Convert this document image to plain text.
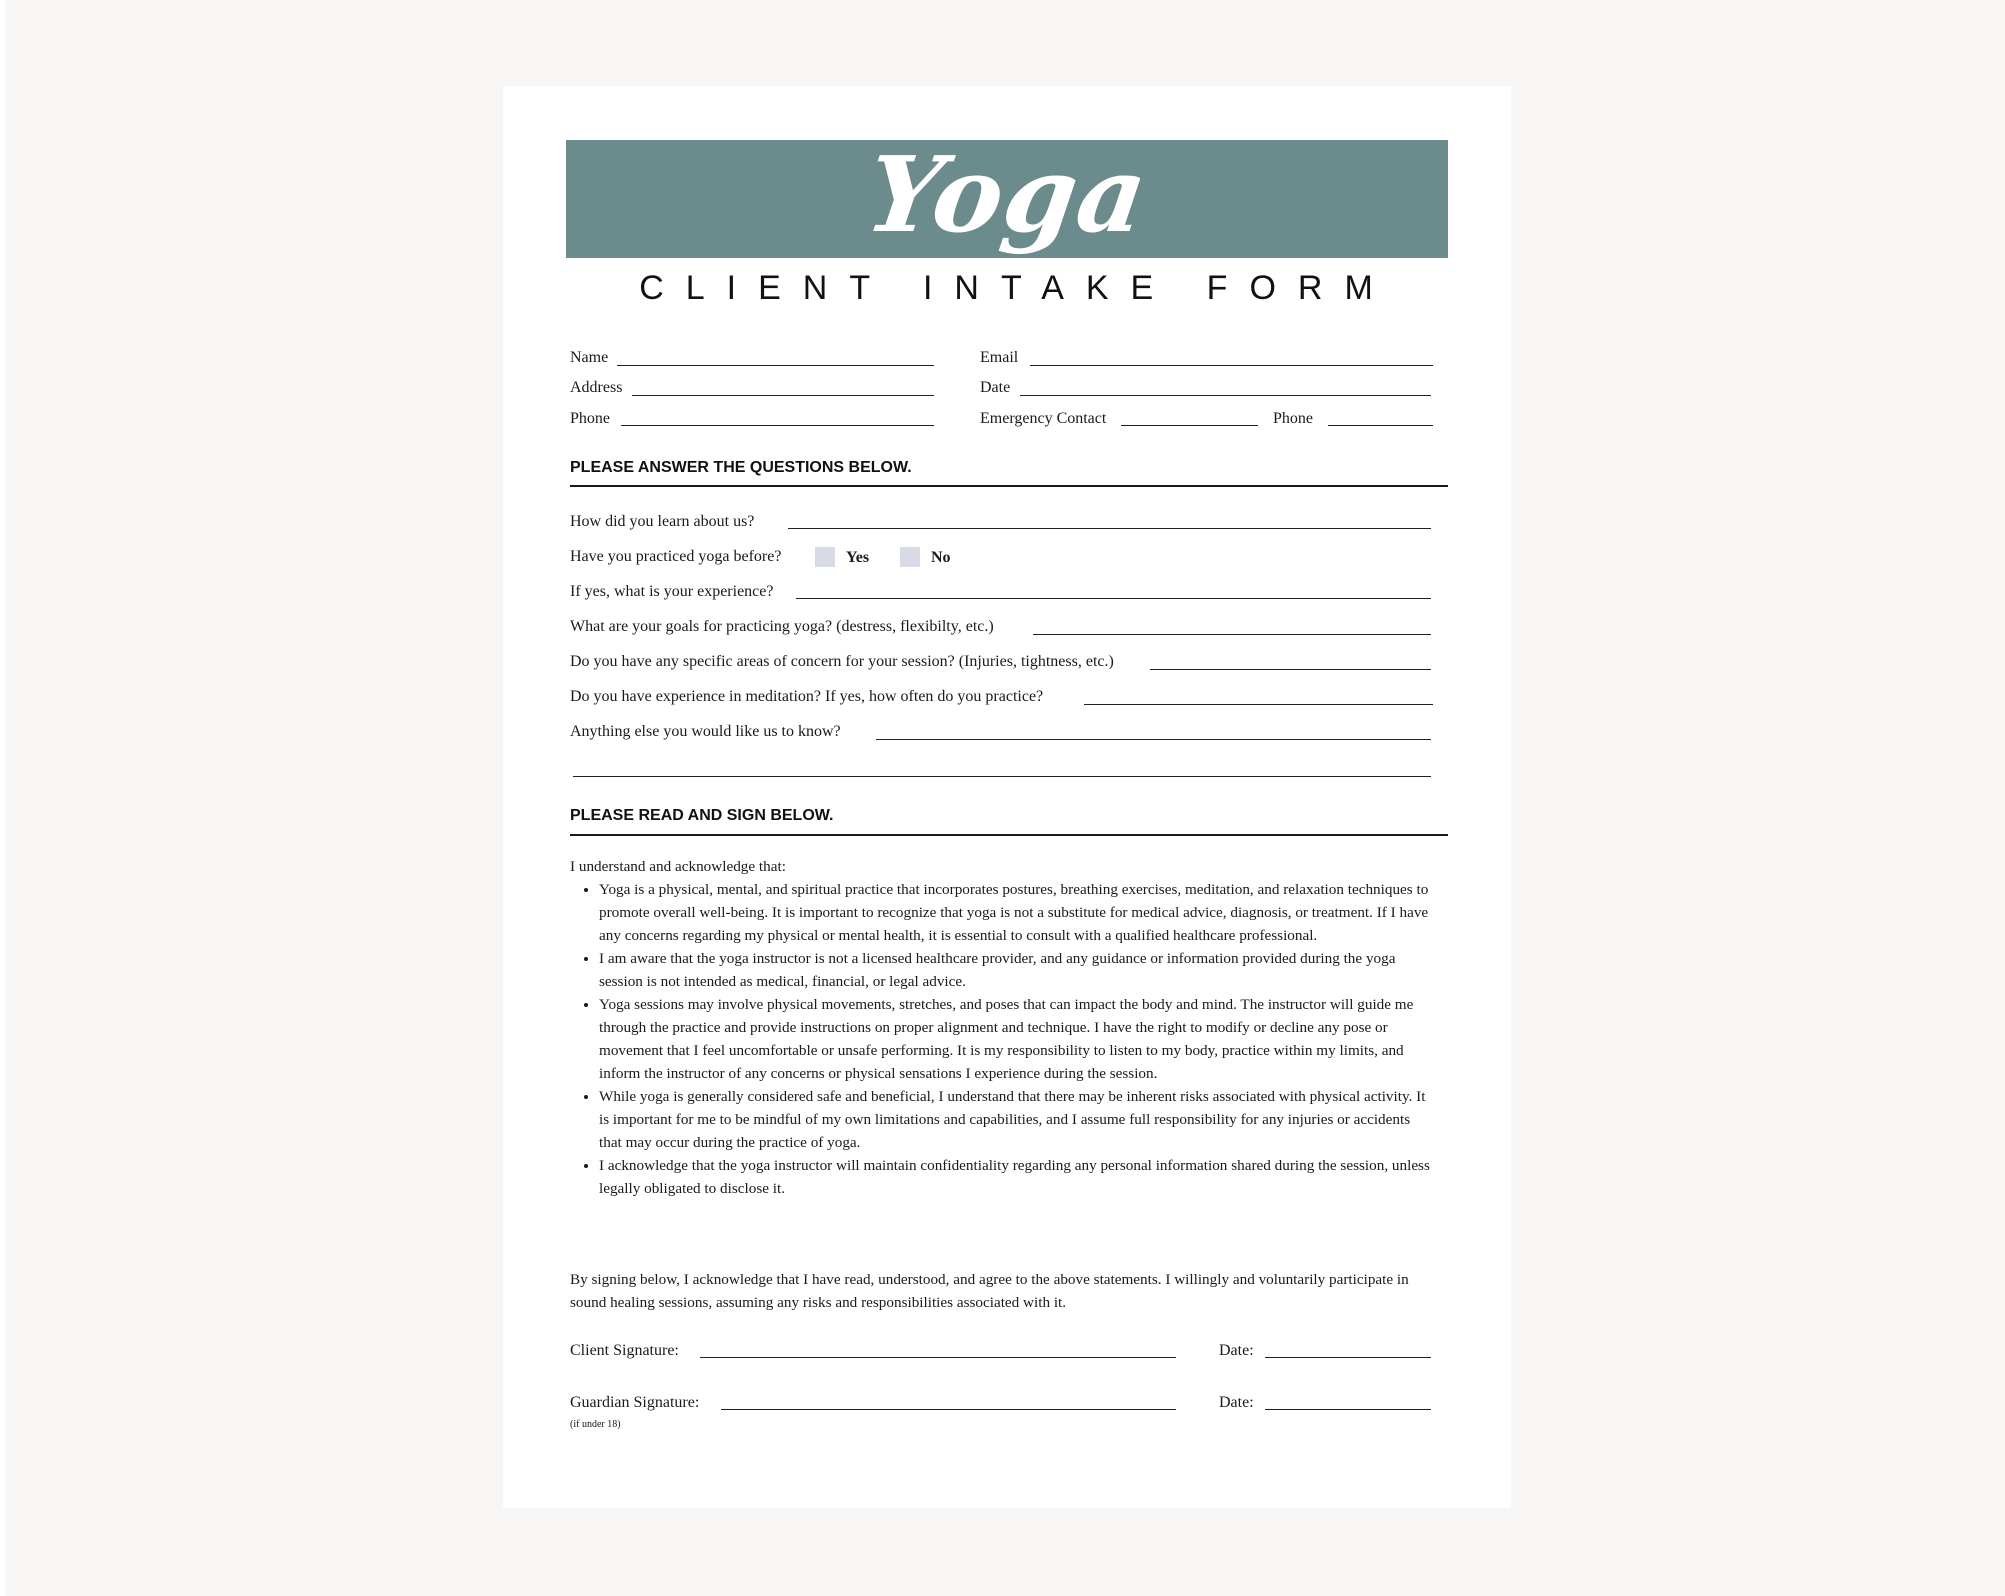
Yoga
CLIENT INTAKE FORM
Name	Email
Address	Date
Phone	Emergency Contact	Phone
PLEASE ANSWER THE QUESTIONS BELOW.
How did you learn about us?
Have you practiced yoga before?	Yes	No
If yes, what is your experience?
What are your goals for practicing yoga? (destress, flexibilty, etc.)
Do you have any specific areas of concern for your session? (Injuries, tightness, etc.)
Do you have experience in meditation? If yes, how often do you practice?
Anything else you would like us to know?
PLEASE READ AND SIGN BELOW.
I understand and acknowledge that:
• Yoga is a physical, mental, and spiritual practice that incorporates postures, breathing exercises, meditation, and relaxation techniques to promote overall well-being. It is important to recognize that yoga is not a substitute for medical advice, diagnosis, or treatment. If I have any concerns regarding my physical or mental health, it is essential to consult with a qualified healthcare professional.
• I am aware that the yoga instructor is not a licensed healthcare provider, and any guidance or information provided during the yoga session is not intended as medical, financial, or legal advice.
• Yoga sessions may involve physical movements, stretches, and poses that can impact the body and mind. The instructor will guide me through the practice and provide instructions on proper alignment and technique. I have the right to modify or decline any pose or movement that I feel uncomfortable or unsafe performing. It is my responsibility to listen to my body, practice within my limits, and inform the instructor of any concerns or physical sensations I experience during the session.
• While yoga is generally considered safe and beneficial, I understand that there may be inherent risks associated with physical activity. It is important for me to be mindful of my own limitations and capabilities, and I assume full responsibility for any injuries or accidents that may occur during the practice of yoga.
• I acknowledge that the yoga instructor will maintain confidentiality regarding any personal information shared during the session, unless legally obligated to disclose it.
By signing below, I acknowledge that I have read, understood, and agree to the above statements. I willingly and voluntarily participate in sound healing sessions, assuming any risks and responsibilities associated with it.
Client Signature:	Date:
Guardian Signature:	Date:
(if under 18)
